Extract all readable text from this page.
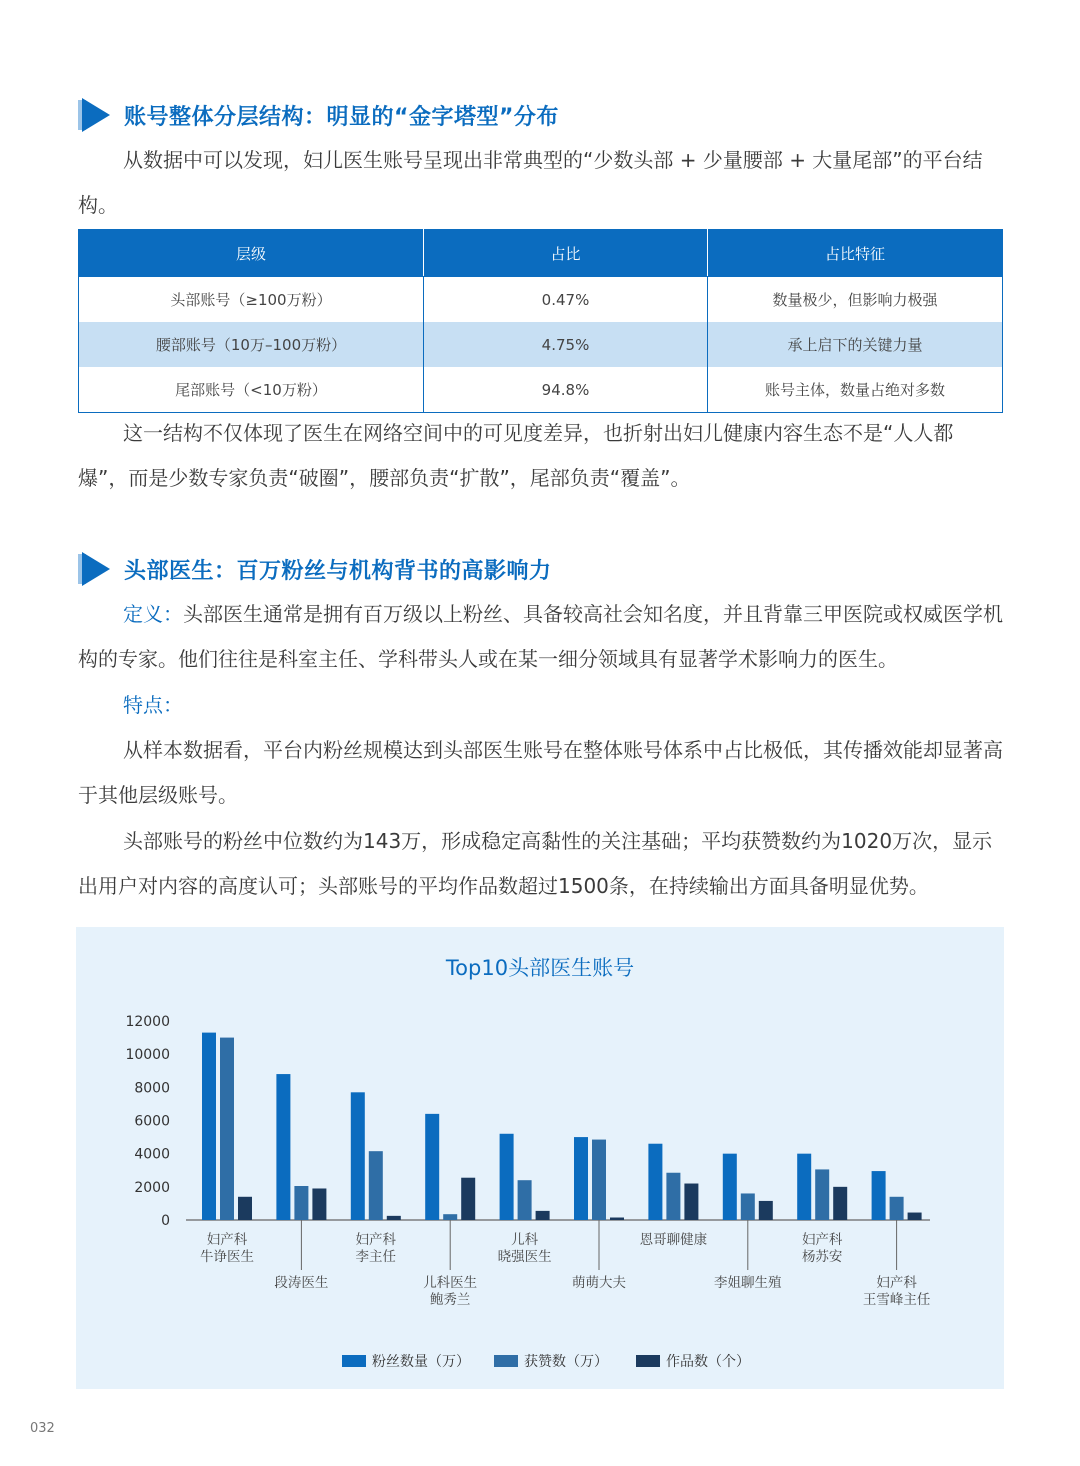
账号整体分层结构：明显的“金字塔型”分布

从数据中可以发现，妇儿医生账号呈现出非常典型的“少数头部 + 少量腰部 + 大量尾部”的平台结构。

层级	占比	占比特征
头部账号（≥100万粉）	0.47%	数量极少，但影响力极强
腰部账号（10万–100万粉）	4.75%	承上启下的关键力量
尾部账号（<10万粉）	94.8%	账号主体，数量占绝对多数

这一结构不仅体现了医生在网络空间中的可见度差异，也折射出妇儿健康内容生态不是“人人都爆”，而是少数专家负责“破圈”，腰部负责“扩散”，尾部负责“覆盖”。

头部医生：百万粉丝与机构背书的高影响力

定义：头部医生通常是拥有百万级以上粉丝、具备较高社会知名度，并且背靠三甲医院或权威医学机构的专家。他们往往是科室主任、学科带头人或在某一细分领域具有显著学术影响力的医生。

特点：

从样本数据看，平台内粉丝规模达到头部医生账号在整体账号体系中占比极低，其传播效能却显著高于其他层级账号。

头部账号的粉丝中位数约为143万，形成稳定高黏性的关注基础；平均获赞数约为1020万次，显示出用户对内容的高度认可；头部账号的平均作品数超过1500条，在持续输出方面具备明显优势。

Top10头部医生账号
0
2000
4000
6000
8000
10000
12000
妇产科
牛诤医生
段涛医生
妇产科
李主任
儿科医生
鲍秀兰
儿科
晓强医生
萌萌大夫
恩哥聊健康
李姐聊生殖
妇产科
杨苏安
妇产科
王雪峰主任
粉丝数量（万）	获赞数（万）	作品数（个）
032
